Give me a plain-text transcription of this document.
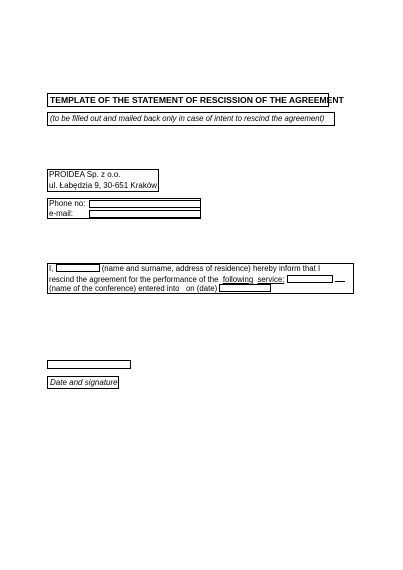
TEMPLATE OF THE STATEMENT OF RESCISSION OF THE AGREEMENT
(to be filled out and mailed back only in case of intent to rescind the agreement)
PROIDEA Sp. z o.o.
ul. Łabędzia 9, 30-651 Kraków
Phone no:
e-mail:
I,	(name and surname, address of residence) hereby inform that I
rescind the agreement for the performance of the following service:
(name of the conference) entered into on (date)
Date and signature
